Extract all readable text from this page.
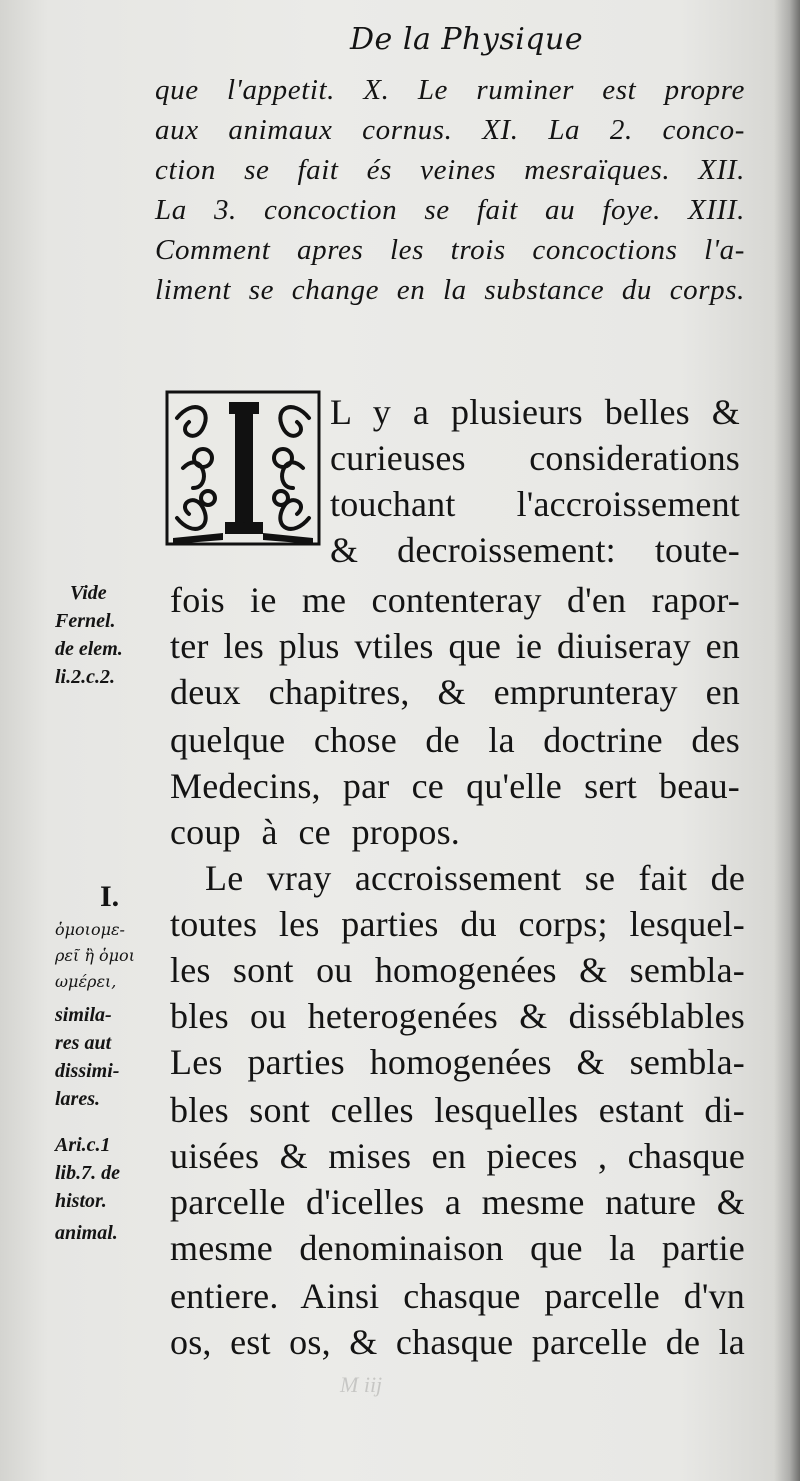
De la Physique

que l'appetit. X. Le ruminer est propre
aux animaux cornus. XI. La 2. conco-
ction se fait és veines mesraïques. XII.
La 3. concoction se fait au foye. XIII.
Comment apres les trois concoctions l'a-
liment se change en la substance du corps.

I
L y a plusieurs belles &
curieuses considerations
touchant l'accroissement
& decroissement: toute-
fois ie me contenteray d'en rapor-
ter les plus vtiles que ie diuiseray en
deux chapitres, & emprunteray en
quelque chose de la doctrine des
Medecins, par ce qu'elle sert beau-
coup à ce propos.
Le vray accroissement se fait de
toutes les parties du corps; lesquel-
les sont ou homogenées & sembla-
bles ou heterogenées & disséblables
Les parties homogenées & sembla-
bles sont celles lesquelles estant di-
uisées & mises en pieces , chasque
parcelle d'icelles a mesme nature &
mesme denominaison que la partie
entiere. Ainsi chasque parcelle d'vn
os, est os, & chasque parcelle de la
Vide
Fernel.
de elem.
li.2.c.2.
I.
ὁμοιομε-
ρεῖ ἢ ὁμοι
ωμέρει,
simila-
res aut
dissimi-
lares.
Ari.c.1
lib.7. de
histor.
animal.
M iij
